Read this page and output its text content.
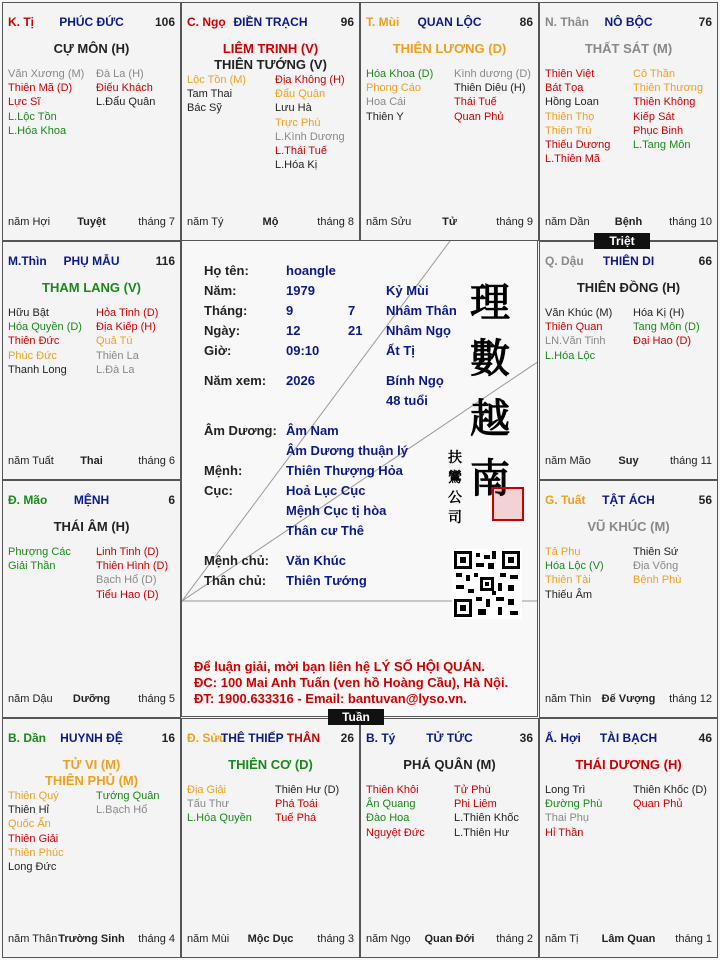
K. Tị	PHÚC ĐỨC	106
CỰ MÔN (H)
Văn Xương (M)
Thiên Mã (D)
Lực Sĩ
L.Lộc Tồn
L.Hóa Khoa
Đà La (H)
Điếu Khách
L.Đẩu Quân
năm Hợi	Tuyệt	tháng 7
C. Ngọ ĐIỀN TRẠCH	96
LIÊM TRINH (V)
THIÊN TƯỚNG (V)
Lộc Tồn (M)
Tam Thai
Bác Sỹ
Địa Không (H)
Đẩu Quân
Lưu Hà
Trực Phù
L.Kình Dương
L.Thái Tuế
L.Hóa Kị
năm Tý	Mộ	tháng 8
T. Mùi	QUAN LỘC	86
THIÊN LƯƠNG (D)
Hóa Khoa (D)
Phong Cáo
Hoa Cái
Thiên Y
Kình dương (D)
Thiên Diêu (H)
Thái Tuế
Quan Phủ
năm Sửu	Tử	tháng 9
N. Thân	NÔ BỘC	76
THẤT SÁT (M)
Thiên Việt
Bát Tọa
Hồng Loan
Thiên Thọ
Thiên Trù
Thiếu Dương
L.Thiên Mã
Cô Thần
Thiên Thương
Thiên Không
Kiếp Sát
Phục Binh
L.Tang Môn
năm Dần	Bệnh	tháng 10
M.Thìn	PHỤ MẪU	116
THAM LANG (V)
Hữu Bật
Hóa Quyền (D)
Thiên Đức
Phúc Đức
Thanh Long
Hỏa Tinh (D)
Địa Kiếp (H)
Quả Tú
Thiên La
L.Đà La
năm Tuất	Thai	tháng 6
Q. Dậu	THIÊN DI	66
THIÊN ĐỒNG (H)
Văn Khúc (M)
Thiên Quan
LN.Văn Tinh
L.Hóa Lộc
Hóa Kị (H)
Tang Môn (D)
Đại Hao (D)
năm Mão	Suy	tháng 11
Đ. Mão	MỆNH	6
THÁI ÂM (H)
Phượng Các
Giải Thần
Linh Tinh (D)
Thiên Hình (D)
Bạch Hổ (D)
Tiểu Hao (D)
năm Dậu	Dưỡng	tháng 5
G. Tuất	TẬT ÁCH	56
VŨ KHÚC (M)
Tả Phụ
Hóa Lộc (V)
Thiên Tài
Thiếu Âm
Thiên Sứ
Địa Võng
Bệnh Phù
năm Thìn Đế Vượng	tháng 12
B. Dần	HUYNH ĐỆ	16
TỬ VI (M)
THIÊN PHỦ (M)
Thiên Quý
Thiên Hỉ
Quốc Ấn
Thiên Giải
Thiên Phúc
Long Đức
Tướng Quân
L.Bạch Hổ
năm Thân Trường Sinh	tháng 4
Đ. Sửu
THÊ THIẾP THÂN	26
THIÊN CƠ (D)
Địa Giải
Tấu Thư
L.Hóa Quyền
Thiên Hư (D)
Phá Toái
Tuế Phá
năm Mùi	Mộc Dục	tháng 3
B. Tý	TỬ TỨC	36
PHÁ QUÂN (M)
Thiên Khôi
Ân Quang
Đào Hoa
Nguyệt Đức
Tử Phù
Phi Liêm
L.Thiên Khốc
L.Thiên Hư
năm Ngọ	Quan Đới	tháng 2
Ấ. Hợi	TÀI BẠCH	46
THÁI DƯƠNG (H)
Long Trì
Đường Phù
Thai Phụ
Hỉ Thần
Thiên Khốc (D)
Quan Phủ
năm Tị	Lâm Quan	tháng 1
Họ tên:	hoangle
Năm:	1979	Kỷ Mùi
Tháng:	9	7 Nhâm Thân
Ngày:	12	21 Nhâm Ngọ
Giờ:	09:10	Ất Tị
Năm xem: 2026	Bính Ngọ
48 tuổi
Âm Dương: Âm Nam
Âm Dương thuận lý
Mệnh:	Thiên Thượng Hỏa
Cục:	Hoả Lục Cục
Mệnh Cục tị hòa
Thân cư Thê
Mệnh chủ: Văn Khúc
Thân chủ: Thiên Tướng
理
數
越
南
扶
鸞
公
司
Để luận giải, mời bạn liên hệ LÝ SỐ HỘI QUÁN.
ĐC: 100 Mai Anh Tuấn (ven hồ Hoàng Cầu), Hà Nội.
ĐT: 1900.633316 - Email: bantuvan@lyso.vn.
Triệt
Tuần
